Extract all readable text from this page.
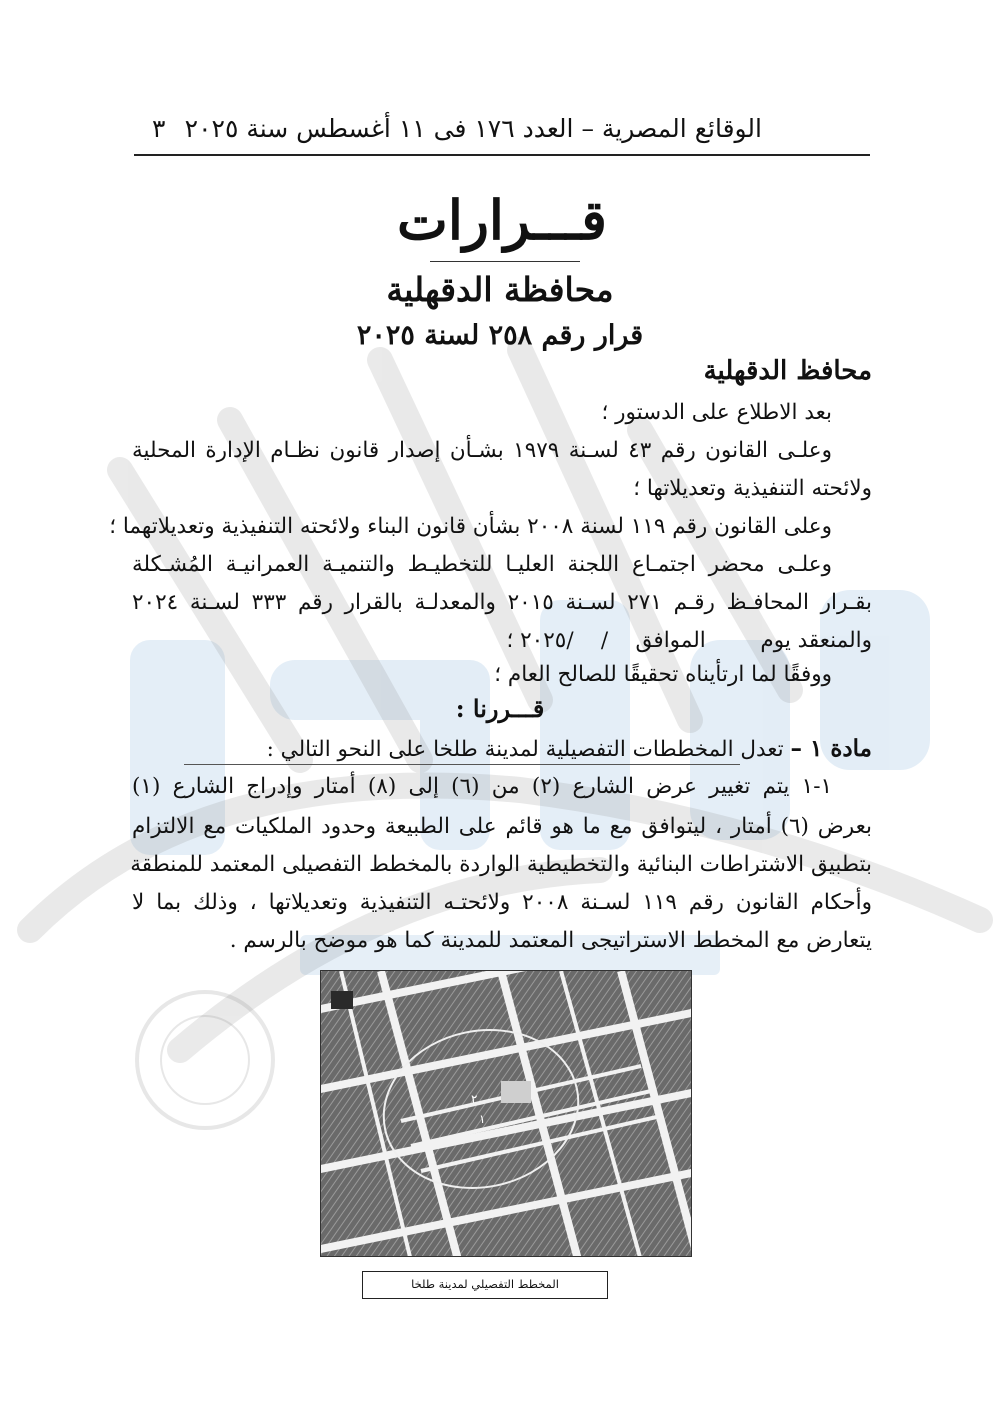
الوقائع المصرية – العدد ١٧٦ فى ١١ أغسطس سنة ٢٠٢٥
٣
قـــرارات
محافظة الدقهلية
قرار رقم ٢٥٨ لسنة ٢٠٢٥
محافظ الدقهلية
بعد الاطلاع على الدستور ؛
وعلـى القانون رقم ٤٣ لسـنة ١٩٧٩ بشـأن إصدار قانون نظـام الإدارة المحلية
ولائحته التنفيذية وتعديلاتها ؛
وعلى القانون رقم ١١٩ لسنة ٢٠٠٨ بشأن قانون البناء ولائحته التنفيذية وتعديلاتهما ؛
وعلـى محضر اجتمـاع اللجنة العليـا للتخطيـط والتنميـة العمرانيـة المُشـكلة
بقـرار المحافـظ رقـم ٢٧١ لسـنة ٢٠١٥ والمعدلـة بالقرار رقم ٣٣٣ لسـنة ٢٠٢٤
والمنعقد يوم        الموافق    /    /٢٠٢٥ ؛
ووفقًا لما ارتأيناه تحقيقًا للصالح العام ؛
قـــررنا :
مادة ١ – تعدل المخططات التفصيلية لمدينة طلخا على النحو التالي :
١-١ يتم تغيير عرض الشارع (٢) من (٦) إلى (٨) أمتار وإدراج الشارع (١)
بعرض (٦) أمتار ، ليتوافق مع ما هو قائم على الطبيعة وحدود الملكيات مع الالتزام
بتطبيق الاشتراطات البنائية والتخطيطية الواردة بالمخطط التفصيلى المعتمد للمنطقة
وأحكام القانون رقم ١١٩ لسـنة ٢٠٠٨ ولائحتـه التنفيذية وتعديلاتها ، وذلك بما لا
يتعارض مع المخطط الاستراتيجى المعتمد للمدينة كما هو موضح بالرسم .
٢
١
المخطط التفصيلي لمدينة طلخا
